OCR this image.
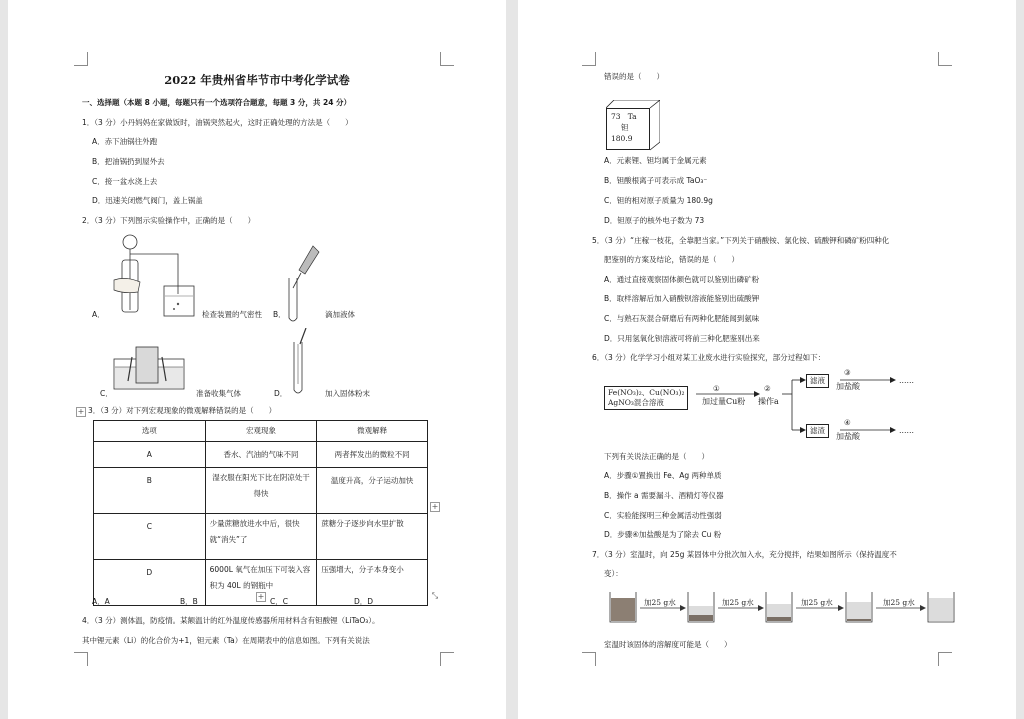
2022 年贵州省毕节市中考化学试卷
一、选择题（本题 8 小题，每题只有一个选项符合题意，每题 3 分，共 24 分）
1．（3 分）小丹妈妈在家做饭时，油锅突然起火，这时正确处理的方法是（　　）
A．赤下油锅往外跑
B．把油锅扔到屋外去
C．接一盆水浇上去
D．迅速关闭燃气阀门，盖上锅盖
2．（3 分）下列图示实验操作中，正确的是（　　）
A．	检查装置的气密性 B．	滴加液体
C．	准备收集气体	D．	加入固体粉末
+ 3．（3 分）对下列宏观现象的微观解释错误的是（　　）
选项	宏观现象	微观解释
A	香水、汽油的气味不同	两者挥发出的微粒不同
B	湿衣服在阳光下比在阴凉处干得快	温度升高，分子运动加快
C	少量蔗糖放进水中后，很快就“消失”了	蔗糖分子逐步向水里扩散
D	6000L 氧气在加压下可装入容积为 40L 的钢瓶中	压强增大，分子本身变小
+
+	⤡
A．A	B．B	C．C	D．D
4．（3 分）测体温，防疫情。某额温计的红外温度传感器所用材料含有钽酸锂（LiTaO₃）。
其中锂元素（Li）的化合价为+1，钽元素（Ta）在周期表中的信息如图。下列有关说法
错误的是（　　）
73 Ta
钽
180.9
A．元素锂、钽均属于金属元素
B．钽酸根离子可表示成 TaO₃⁻
C．钽的相对原子质量为 180.9g
D．钽原子的核外电子数为 73
5．（3 分）“庄稼一枝花，全靠肥当家。”下列关于硝酸铵、氯化铵、硫酸钾和磷矿粉四种化
肥鉴别的方案及结论，错误的是（　　）
A．通过直接观察固体颜色就可以鉴别出磷矿粉
B．取样溶解后加入硝酸钡溶液能鉴别出硫酸钾
C．与熟石灰混合研磨后有两种化肥能闻到氨味
D．只用氢氧化钡溶液可将前三种化肥鉴别出来
6．（3 分）化学学习小组对某工业废水进行实验探究，部分过程如下：
Fe(NO₃)₂、Cu(NO₃)₂
AgNO₃混合溶液
①
加过量Cu粉
②
操作a
滤液
滤渣
③
加盐酸
……
④
加盐酸
……
下列有关说法正确的是（　　）
A．步骤①置换出 Fe、Ag 两种单质
B．操作 a 需要漏斗、酒精灯等仪器
C．实验能探明三种金属活动性强弱
D．步骤④加盐酸是为了除去 Cu 粉
7．（3 分）室温时，向 25g 某固体中分批次加入水，充分搅拌，结果如图所示（保持温度不
变）：
加25 g水	加25 g水	加25 g水	加25 g水
室温时该固体的溶解度可能是（　　）
